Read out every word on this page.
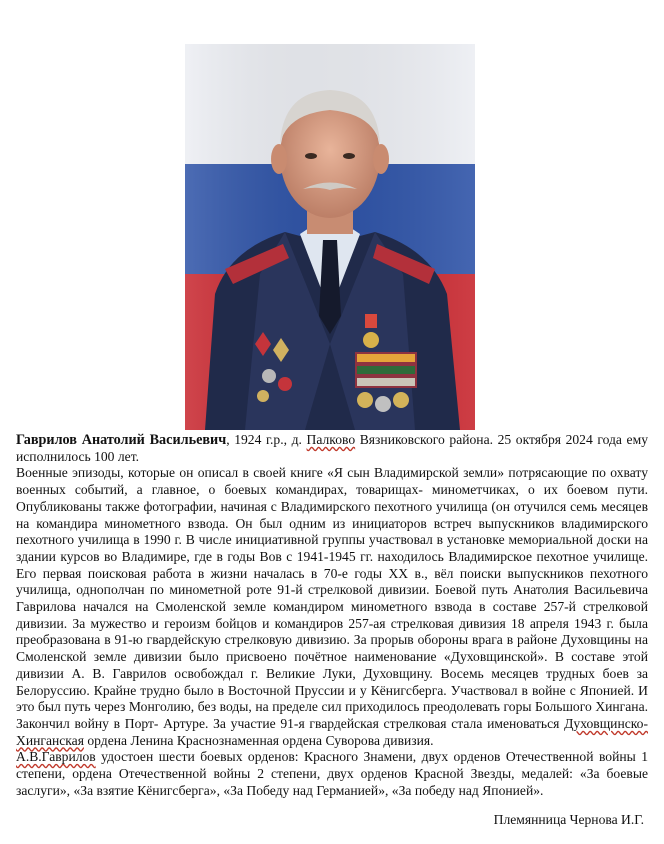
Гаврилов Анатолий Васильевич, 1924 г.р., д. Палково Вязниковского района. 25 октября 2024 года ему исполнилось 100 лет.

Военные эпизоды, которые он описал в своей книге «Я сын Владимирской земли» потрясающие по охвату военных событий, а главное, о боевых командирах, товарищах- минометчиках, о их боевом пути. Опубликованы также фотографии, начиная с Владимирского пехотного училища (он отучился семь месяцев на командира минометного взвода. Он был одним из инициаторов встреч выпускников владимирского пехотного училища в 1990 г. В числе инициативной группы участвовал в установке мемориальной доски на здании курсов во Владимире, где в годы Вов с 1941-1945 гг. находилось Владимирское пехотное училище. Его первая поисковая работа в жизни началась в 70-е годы XX в., вёл поиски выпускников пехотного училища, однополчан по минометной роте 91-й стрелковой дивизии. Боевой путь Анатолия Васильевича Гаврилова начался на Смоленской земле командиром минометного взвода в составе 257-й стрелковой дивизии. За мужество и героизм бойцов и командиров 257-ая стрелковая дивизия 18 апреля 1943 г. была преобразована в 91-ю гвардейскую стрелковую дивизию. За прорыв обороны врага в районе Духовщины на Смоленской земле дивизии было присвоено почётное наименование «Духовщинской». В составе этой дивизии А. В. Гаврилов освобождал г. Великие Луки, Духовщину. Восемь месяцев трудных боев за Белоруссию. Крайне трудно было в Восточной Пруссии и у Кёнигсберга. Участвовал в войне с Японией. И это был путь через Монголию, без воды, на пределе сил приходилось преодолевать горы Большого Хингана. Закончил войну в Порт- Артуре. За участие 91-я гвардейская стрелковая стала именоваться Духовщинско-Хинганская ордена Ленина Краснознаменная ордена Суворова дивизия.

А.В.Гаврилов удостоен шести боевых орденов: Красного Знамени, двух орденов Отечественной войны 1 степени, ордена Отечественной войны 2 степени, двух орденов Красной Звезды, медалей: «За боевые заслуги», «За взятие Кёнигсберга», «За Победу над Германией», «За победу над Японией».

Племянница Чернова И.Г.
